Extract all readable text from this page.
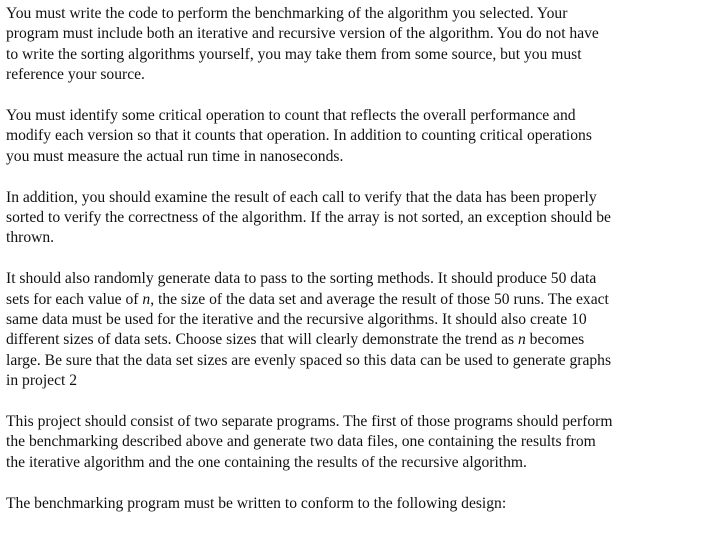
You must write the code to perform the benchmarking of the algorithm you selected. Your
program must include both an iterative and recursive version of the algorithm. You do not have
to write the sorting algorithms yourself, you may take them from some source, but you must
reference your source.

You must identify some critical operation to count that reflects the overall performance and
modify each version so that it counts that operation. In addition to counting critical operations
you must measure the actual run time in nanoseconds.

In addition, you should examine the result of each call to verify that the data has been properly
sorted to verify the correctness of the algorithm. If the array is not sorted, an exception should be
thrown.

It should also randomly generate data to pass to the sorting methods. It should produce 50 data
sets for each value of n, the size of the data set and average the result of those 50 runs. The exact
same data must be used for the iterative and the recursive algorithms. It should also create 10
different sizes of data sets. Choose sizes that will clearly demonstrate the trend as n becomes
large. Be sure that the data set sizes are evenly spaced so this data can be used to generate graphs
in project 2

This project should consist of two separate programs. The first of those programs should perform
the benchmarking described above and generate two data files, one containing the results from
the iterative algorithm and the one containing the results of the recursive algorithm.

The benchmarking program must be written to conform to the following design:
